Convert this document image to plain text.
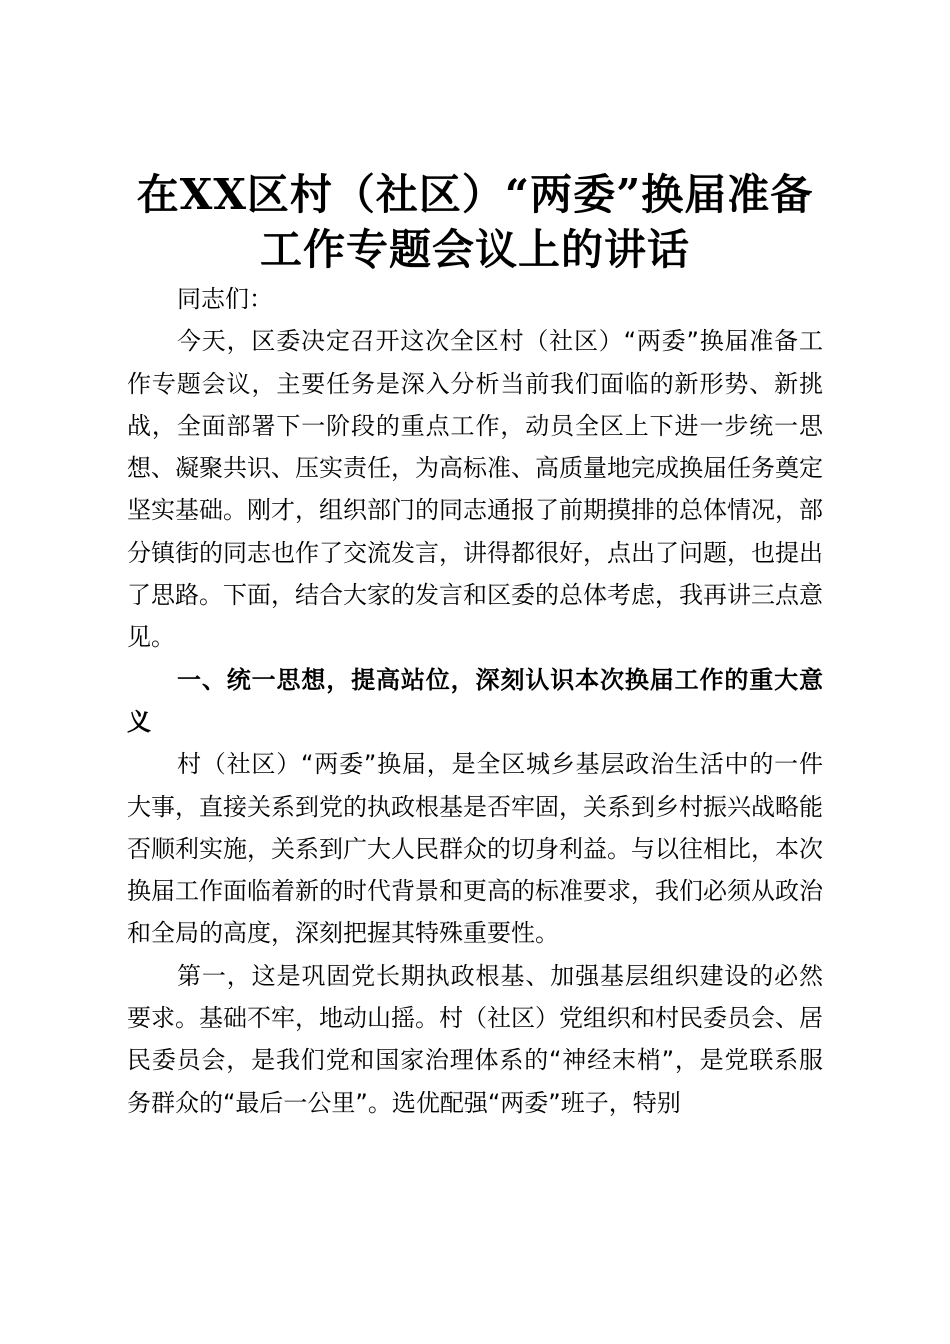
在XX区村（社区）“两委”换届准备工作专题会议上的讲话

同志们：

今天，区委决定召开这次全区村（社区）“两委”换届准备工作专题会议，主要任务是深入分析当前我们面临的新形势、新挑战，全面部署下一阶段的重点工作，动员全区上下进一步统一思想、凝聚共识、压实责任，为高标准、高质量地完成换届任务奠定坚实基础。刚才，组织部门的同志通报了前期摸排的总体情况，部分镇街的同志也作了交流发言，讲得都很好，点出了问题，也提出了思路。下面，结合大家的发言和区委的总体考虑，我再讲三点意见。

一、统一思想，提高站位，深刻认识本次换届工作的重大意义

村（社区）“两委”换届，是全区城乡基层政治生活中的一件大事，直接关系到党的执政根基是否牢固，关系到乡村振兴战略能否顺利实施，关系到广大人民群众的切身利益。与以往相比，本次换届工作面临着新的时代背景和更高的标准要求，我们必须从政治和全局的高度，深刻把握其特殊重要性。

第一，这是巩固党长期执政根基、加强基层组织建设的必然要求。基础不牢，地动山摇。村（社区）党组织和村民委员会、居民委员会，是我们党和国家治理体系的“神经末梢”，是党联系服务群众的“最后一公里”。选优配强“两委”班子，特别
